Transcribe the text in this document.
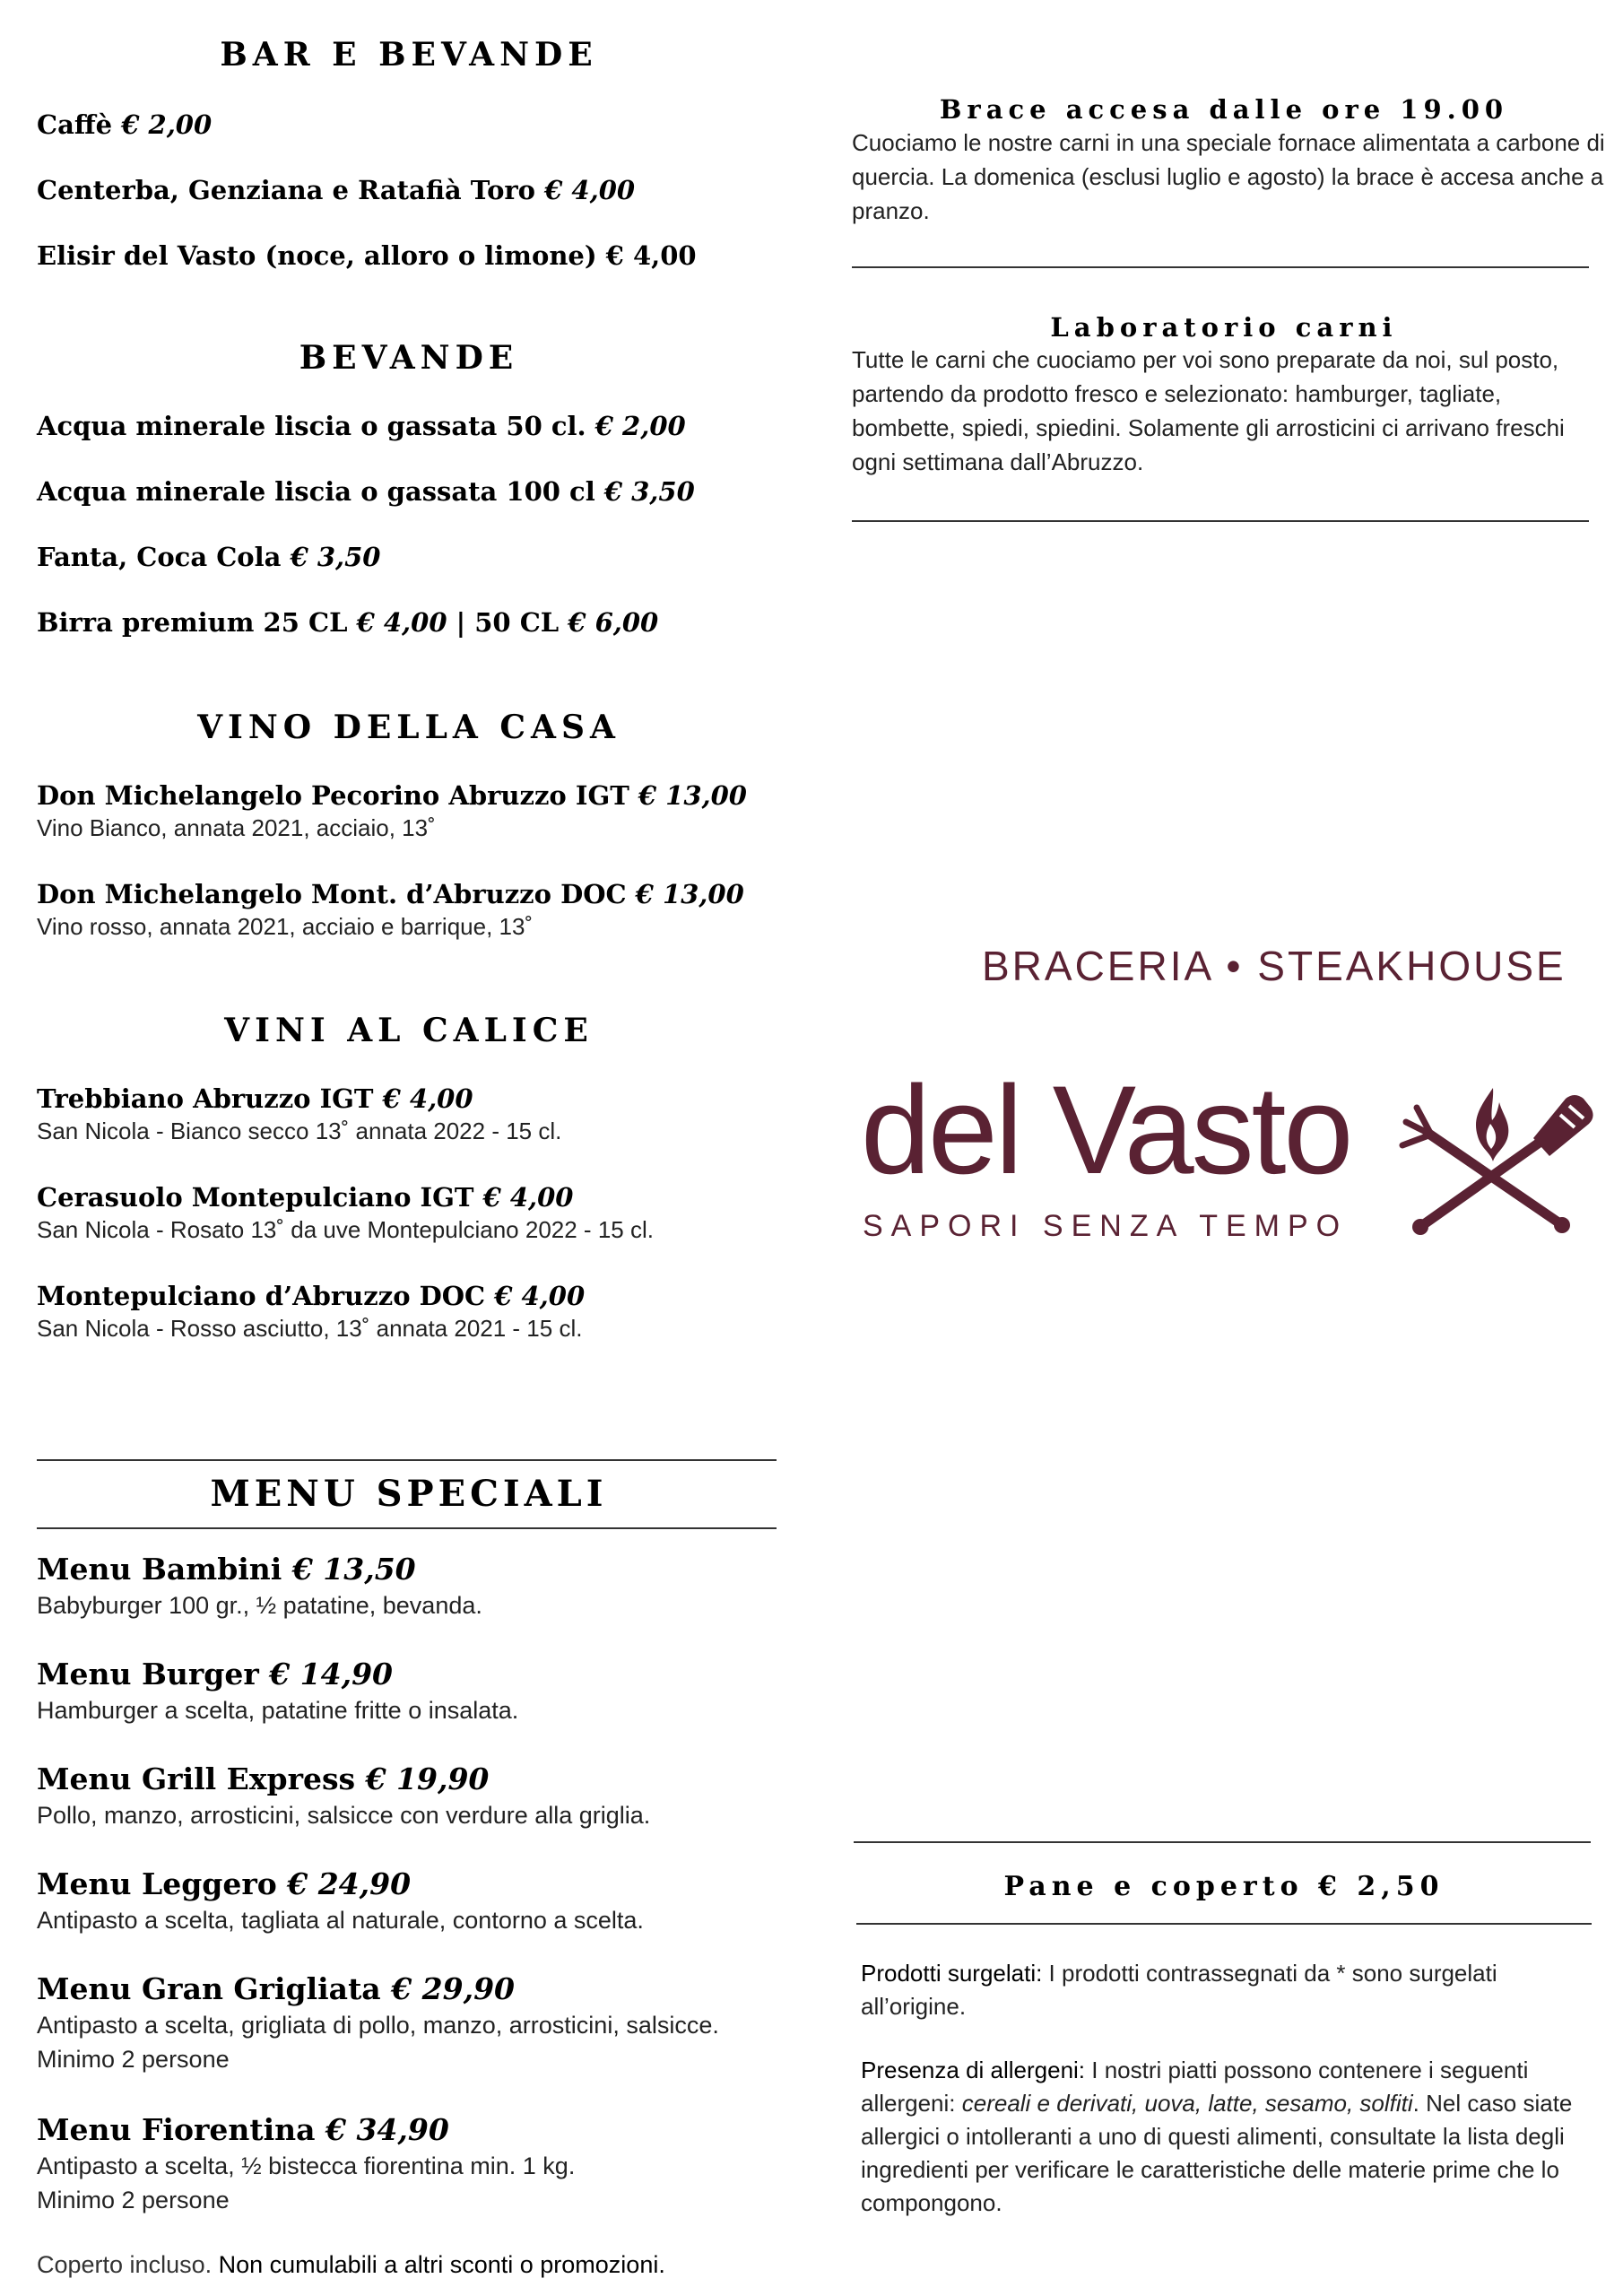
BAR E BEVANDE
Caffè € 2,00
Centerba, Genziana e Ratafià Toro € 4,00
Elisir del Vasto (noce, alloro o limone) € 4,00
BEVANDE
Acqua minerale liscia o gassata 50 cl. € 2,00
Acqua minerale liscia o gassata 100 cl € 3,50
Fanta, Coca Cola € 3,50
Birra premium 25 CL € 4,00 | 50 CL € 6,00
VINO DELLA CASA
Don Michelangelo Pecorino Abruzzo IGT € 13,00
Vino Bianco, annata 2021, acciaio, 13˚
Don Michelangelo Mont. d’Abruzzo DOC € 13,00
Vino rosso, annata 2021, acciaio e barrique, 13˚
VINI AL CALICE
Trebbiano Abruzzo IGT € 4,00
San Nicola - Bianco secco 13˚ annata 2022 - 15 cl.
Cerasuolo Montepulciano IGT € 4,00
San Nicola - Rosato 13˚ da uve Montepulciano 2022 - 15 cl.
Montepulciano d’Abruzzo DOC € 4,00
San Nicola - Rosso asciutto, 13˚ annata 2021 - 15 cl.
MENU SPECIALI
Menu Bambini € 13,50
Babyburger 100 gr., ½ patatine, bevanda.
Menu Burger € 14,90
Hamburger a scelta, patatine fritte o insalata.
Menu Grill Express € 19,90
Pollo, manzo, arrosticini, salsicce con verdure alla griglia.
Menu Leggero € 24,90
Antipasto a scelta, tagliata al naturale, contorno a scelta.
Menu Gran Grigliata € 29,90
Antipasto a scelta, grigliata di pollo, manzo, arrosticini, salsicce.
Minimo 2 persone
Menu Fiorentina € 34,90
Antipasto a scelta, ½ bistecca fiorentina min. 1 kg.
Minimo 2 persone
Coperto incluso. Non cumulabili a altri sconti o promozioni.
Brace accesa dalle ore 19.00
Cuociamo le nostre carni in una speciale fornace alimentata a carbone di quercia. La domenica (esclusi luglio e agosto) la brace è accesa anche a pranzo.
Laboratorio carni
Tutte le carni che cuociamo per voi sono preparate da noi, sul posto, partendo da prodotto fresco e selezionato: hamburger, tagliate, bombette, spiedi, spiedini. Solamente gli arrosticini ci arrivano freschi ogni settimana dall’Abruzzo.
BRACERIA • STEAKHOUSE
del Vasto
SAPORI SENZA TEMPO
Pane e coperto € 2,50
Prodotti surgelati: I prodotti contrassegnati da * sono surgelati all’origine.
Presenza di allergeni: I nostri piatti possono contenere i seguenti allergeni: cereali e derivati, uova, latte, sesamo, solfiti. Nel caso siate allergici o intolleranti a uno di questi alimenti, consultate la lista degli ingredienti per verificare le caratteristiche delle materie prime che lo compongono.
